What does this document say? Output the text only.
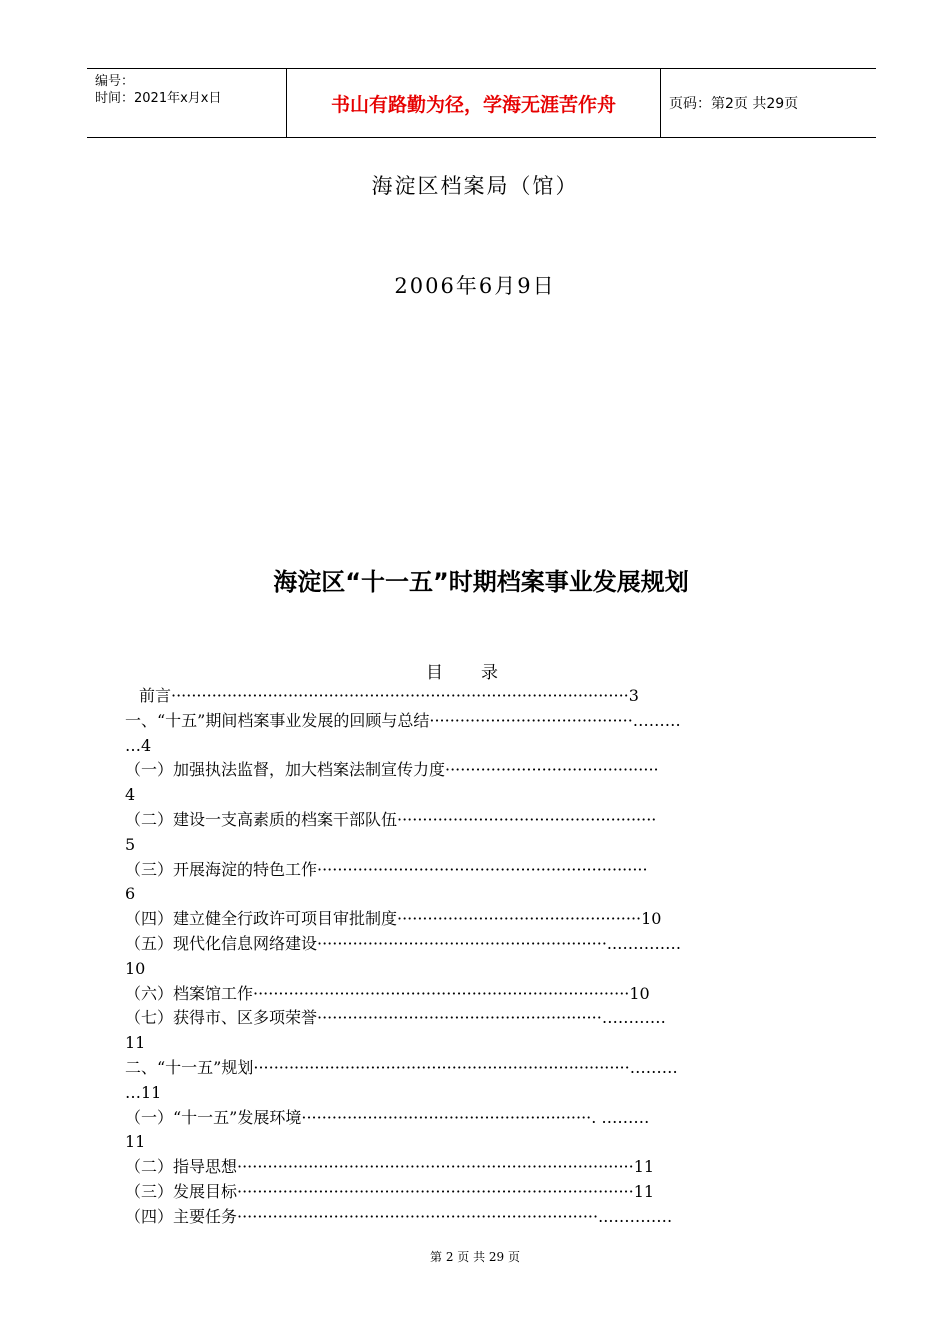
编号：
时间：2021年x月x日	书山有路勤为径，学海无涯苦作舟	页码：第2页 共29页
海淀区档案局（馆）
2006年6月9日
海淀区“十一五”时期档案事业发展规划
目录
前言··························································································3
一、“十五”期间档案事业发展的回顾与总结········································………
…4
（一）加强执法监督，加大档案法制宣传力度··········································
4
（二）建设一支高素质的档案干部队伍···················································
5
（三）开展海淀的特色工作·································································
6
（四）建立健全行政许可项目审批制度················································10
（五）现代化信息网络建设·························································..…………
10
（六）档案馆工作··········································································10
（七）获得市、区多项荣誉························································…………
11
二、“十一五”规划··········································································………
…11
（一）“十一五”发展环境·························································. ………
11
（二）指导思想··············································································11
（三）发展目标··············································································11
（四）主要任务·······································································..…………
第 2 页 共 29 页
